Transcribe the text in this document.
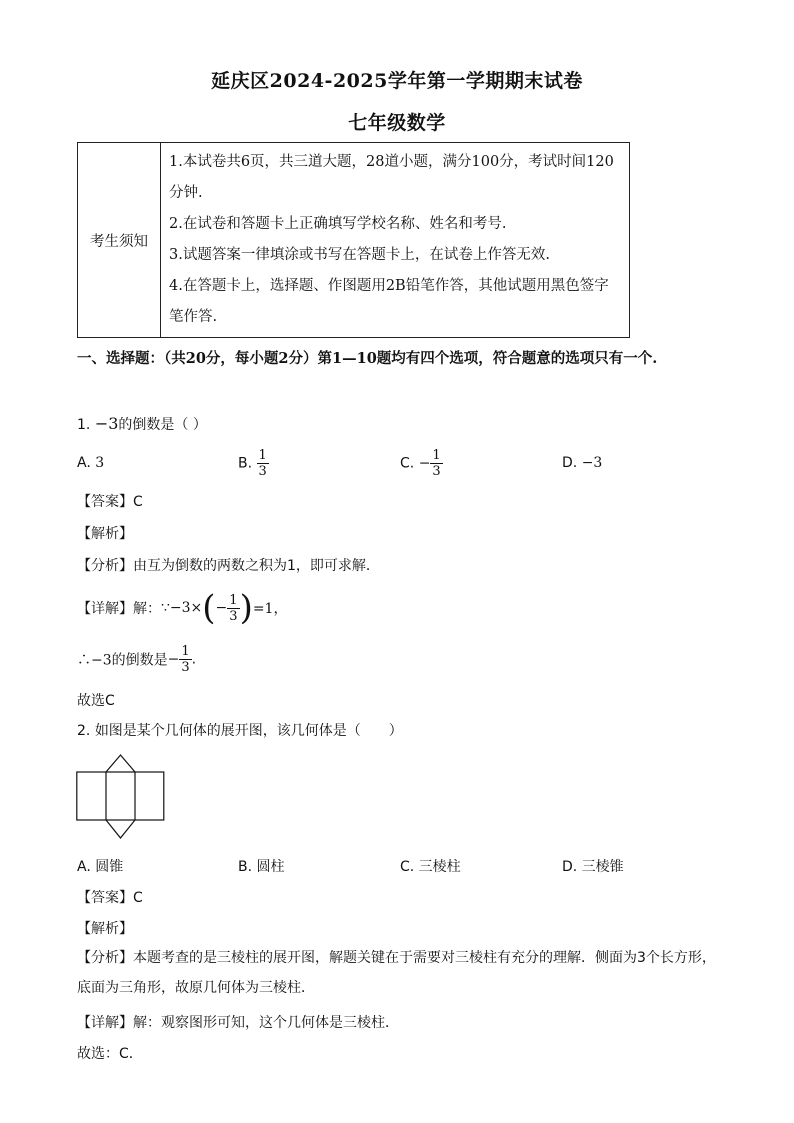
延庆区2024-2025学年第一学期期末试卷
七年级数学
考生须知	
1.本试卷共6页，共三道大题，28道小题，满分100分，考试时间120分钟.
2.在试卷和答题卡上正确填写学校名称、姓名和考号.
3.试题答案一律填涂或书写在答题卡上，在试卷上作答无效.
4.在答题卡上，选择题、作图题用2B铅笔作答，其他试题用黑色签字笔作答.
一、选择题：（共20分，每小题2分）第1—10题均有四个选项，符合题意的选项只有一个.
1. −3的倒数是（ ）
A. 3	B. $\frac{1}{3}$	C. − $\frac{1}{3}$	D. −3
【答案】C
【解析】
【分析】由互为倒数的两数之积为1，即可求解．
【详解】解：∵−3×(− $\frac{1}{3} )=1$，
∴−3的倒数是− $\frac{1}{3}$ .
故选C
2. 如图是某个几何体的展开图，该几何体是（　　）
A. 圆锥	B. 圆柱	C. 三棱柱	D. 三棱锥
【答案】C
【解析】
【分析】本题考查的是三棱柱的展开图，解题关键在于需要对三棱柱有充分的理解．侧面为3个长方形，底面为三角形，故原几何体为三棱柱．
【详解】解：观察图形可知，这个几何体是三棱柱．
故选：C．
